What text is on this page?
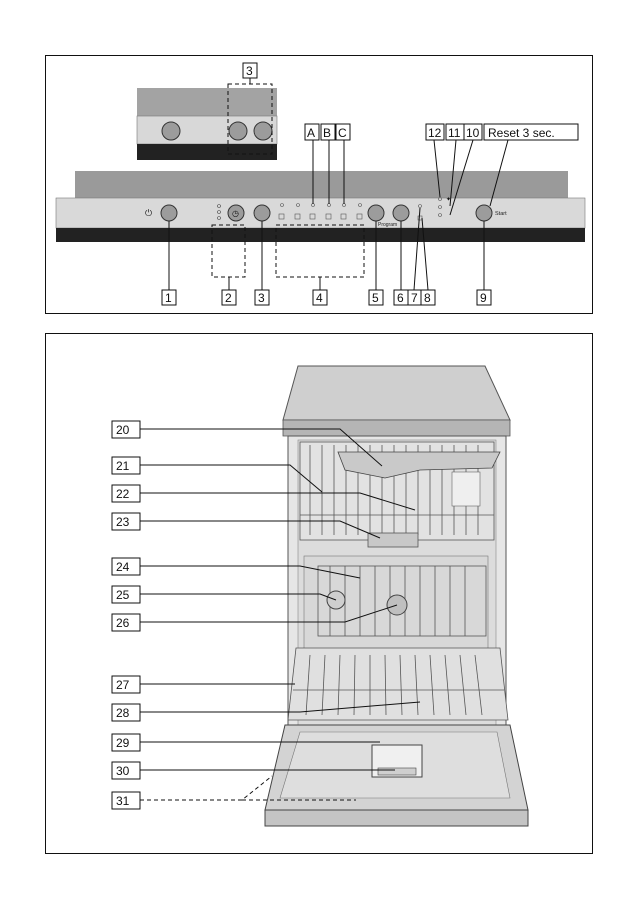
⏻	◷
Program
✦
Start
1	2 3	4	5 6 7 8	9
3
A B C	12 11 10 Reset 3 sec.
20
21
22
23
24
25
26
27
28
29
30
31
